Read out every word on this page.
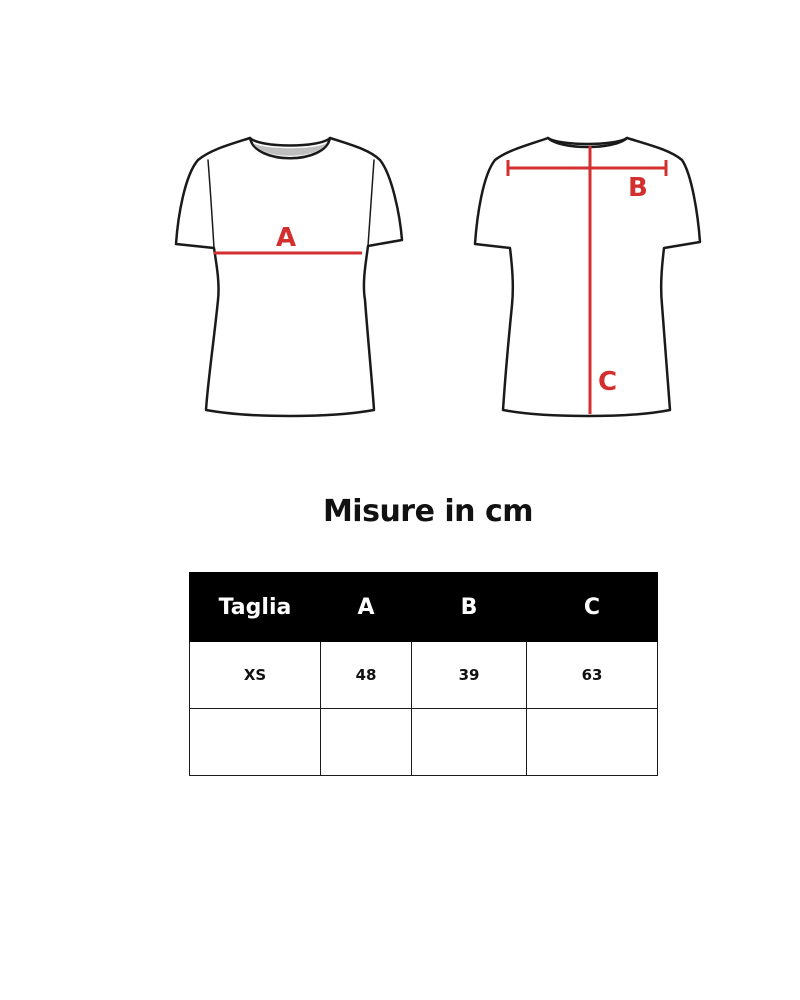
A
B
C
Misure in cm
Taglia	A	B	C
XS	48	39	63
